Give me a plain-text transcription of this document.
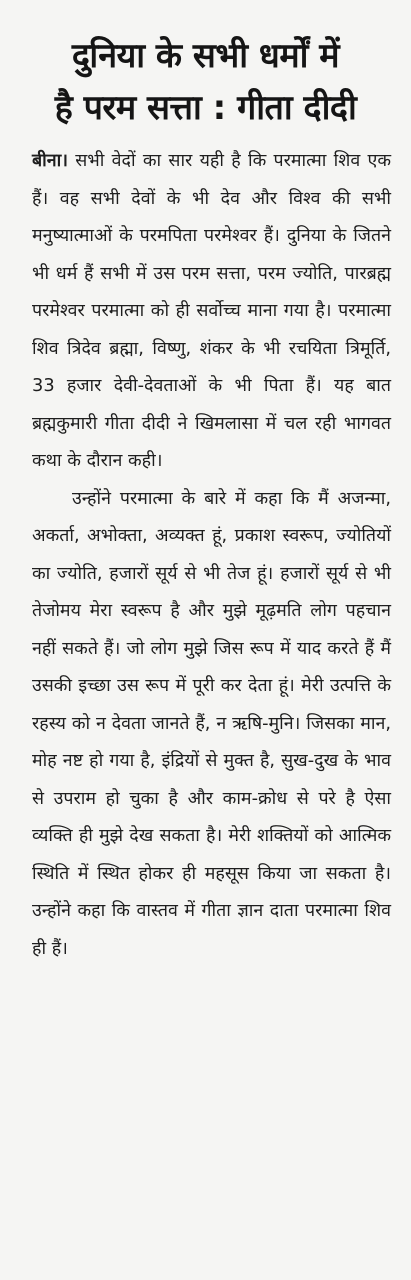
दुनिया के सभी धर्मों में
है परम सत्ता : गीता दीदी

बीना। सभी वेदों का सार यही है कि परमात्मा शिव एक हैं। वह सभी देवों के भी देव और विश्व की सभी मनुष्यात्माओं के परमपिता परमेश्वर हैं। दुनिया के जितने भी धर्म हैं सभी में उस परम सत्ता, परम ज्योति, पारब्रह्म परमेश्वर परमात्मा को ही सर्वोच्च माना गया है। परमात्मा शिव त्रिदेव ब्रह्मा, विष्णु, शंकर के भी रचयिता त्रिमूर्ति, 33 हजार देवी-देवताओं के भी पिता हैं। यह बात ब्रह्मकुमारी गीता दीदी ने खिमलासा में चल रही भागवत कथा के दौरान कही।

उन्होंने परमात्मा के बारे में कहा कि मैं अजन्मा, अकर्ता, अभोक्ता, अव्यक्त हूं, प्रकाश स्वरूप, ज्योतियों का ज्योति, हजारों सूर्य से भी तेज हूं। हजारों सूर्य से भी तेजोमय मेरा स्वरूप है और मुझे मूढ़मति लोग पहचान नहीं सकते हैं। जो लोग मुझे जिस रूप में याद करते हैं मैं उसकी इच्छा उस रूप में पूरी कर देता हूं। मेरी उत्पत्ति के रहस्य को न देवता जानते हैं, न ऋषि-मुनि। जिसका मान, मोह नष्ट हो गया है, इंद्रियों से मुक्त है, सुख-दुख के भाव से उपराम हो चुका है और काम-क्रोध से परे है ऐसा व्यक्ति ही मुझे देख सकता है। मेरी शक्तियों को आत्मिक स्थिति में स्थित होकर ही महसूस किया जा सकता है। उन्होंने कहा कि वास्तव में गीता ज्ञान दाता परमात्मा शिव ही हैं।
